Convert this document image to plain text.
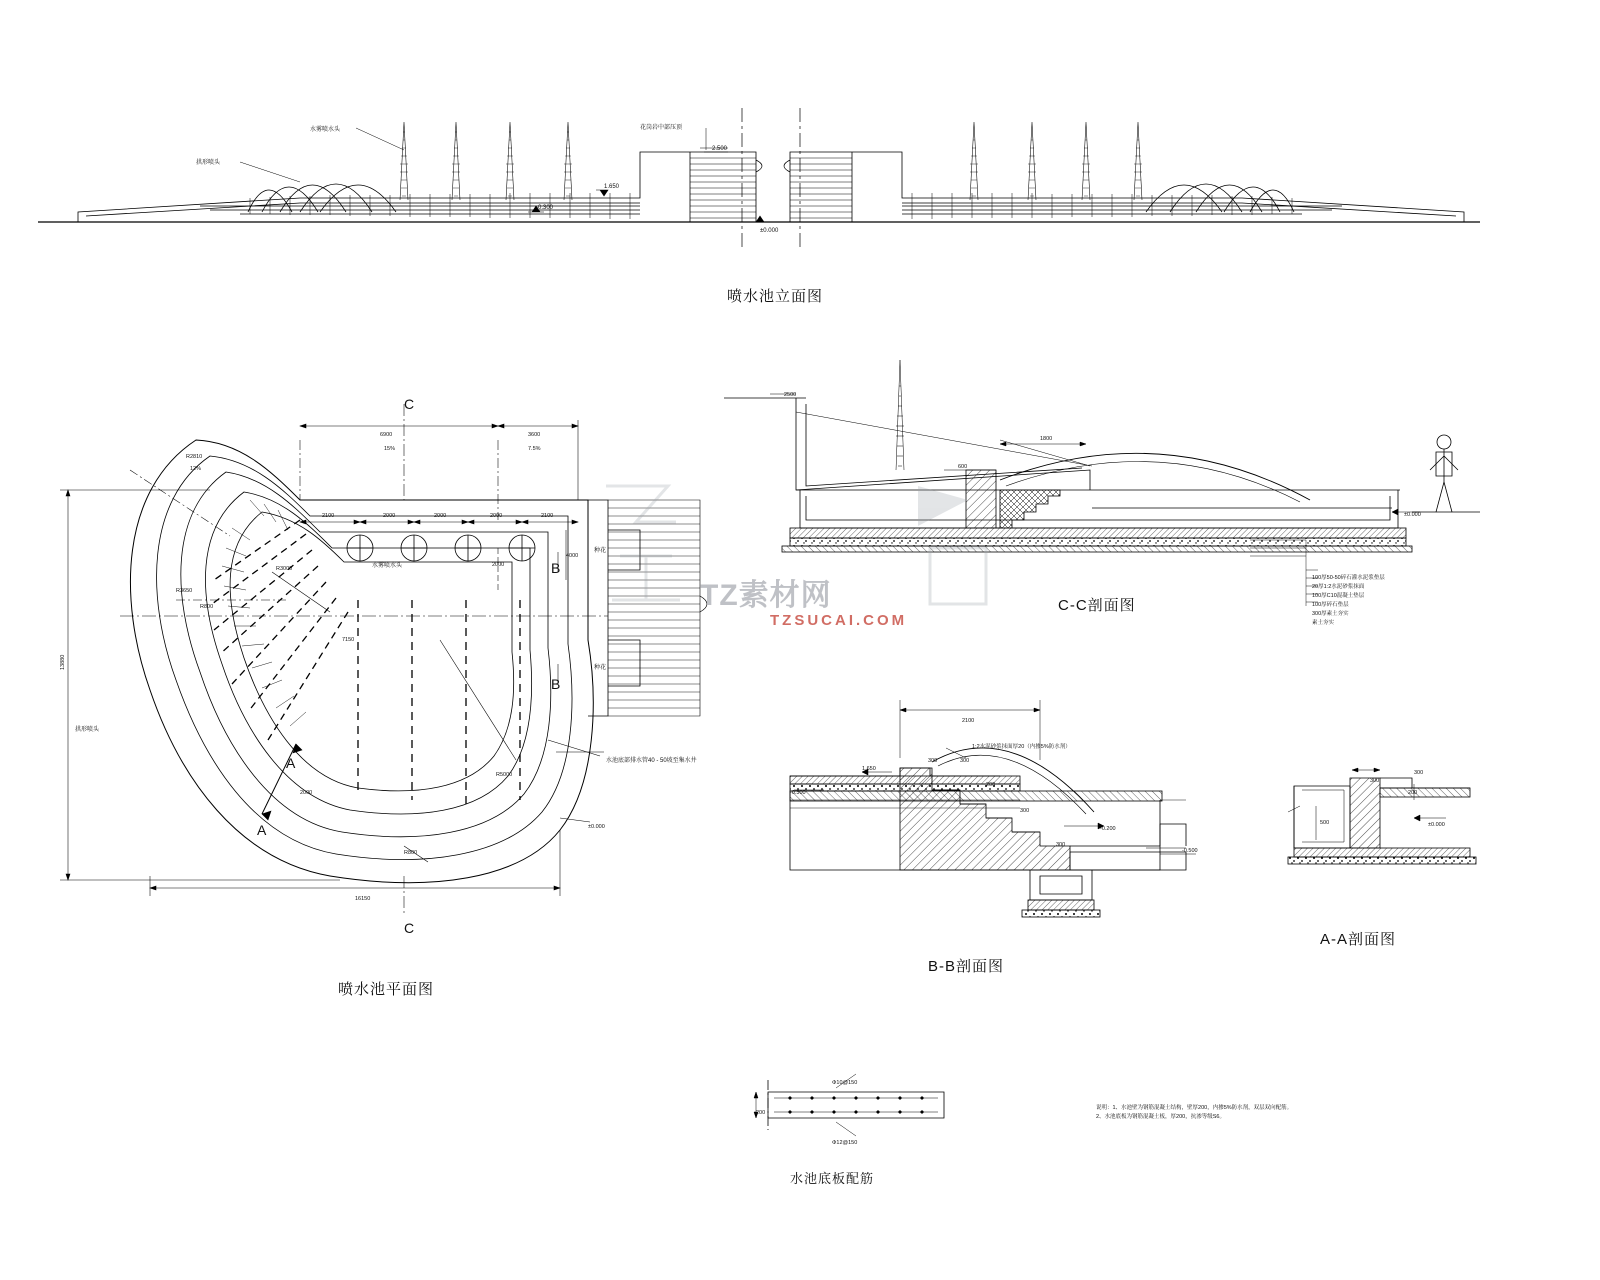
喷水池立面图
喷水池平面图
C-C剖面图
B-B剖面图
A-A剖面图
水池底板配筋
TZ素材网
TZSUCAI.COM
水雾喷水头
拱形喷头
花岗岩中部压顶
2.500
1.650
-0.300
±0.000
6900	3600
15%	7.5%
2100	2000	2000	2000	2100
16150
13880
4000
2000
R3650
R2810
12%
R800
7150
R3000
R5000
±0.000
R800
2000
水雾喷水头
拱形喷头
水池底部排水管40 - 50坡至集水井
种花
种花
C
C
B
B
A
A
2500
1800
600
±0.000
2100
1:2水泥砂浆抹面厚20（内掺5%防水剂）
1.650
300	300
200
300
-0.300
-0.200
-0.500
300
300
300
500
200
±0.000
Φ10@150
Φ12@150
200
说明：1、水池壁为钢筋混凝土结构，壁厚200，内掺5%防水剂，双层双向配筋。
2、水池底板为钢筋混凝土板，厚200，抗渗等级S6。
100厚50-50碎石灌水泥浆垫层
20厚1:2水泥砂浆抹面
100厚C10混凝土垫层
100厚碎石垫层
300厚素土夯实
素土夯实
